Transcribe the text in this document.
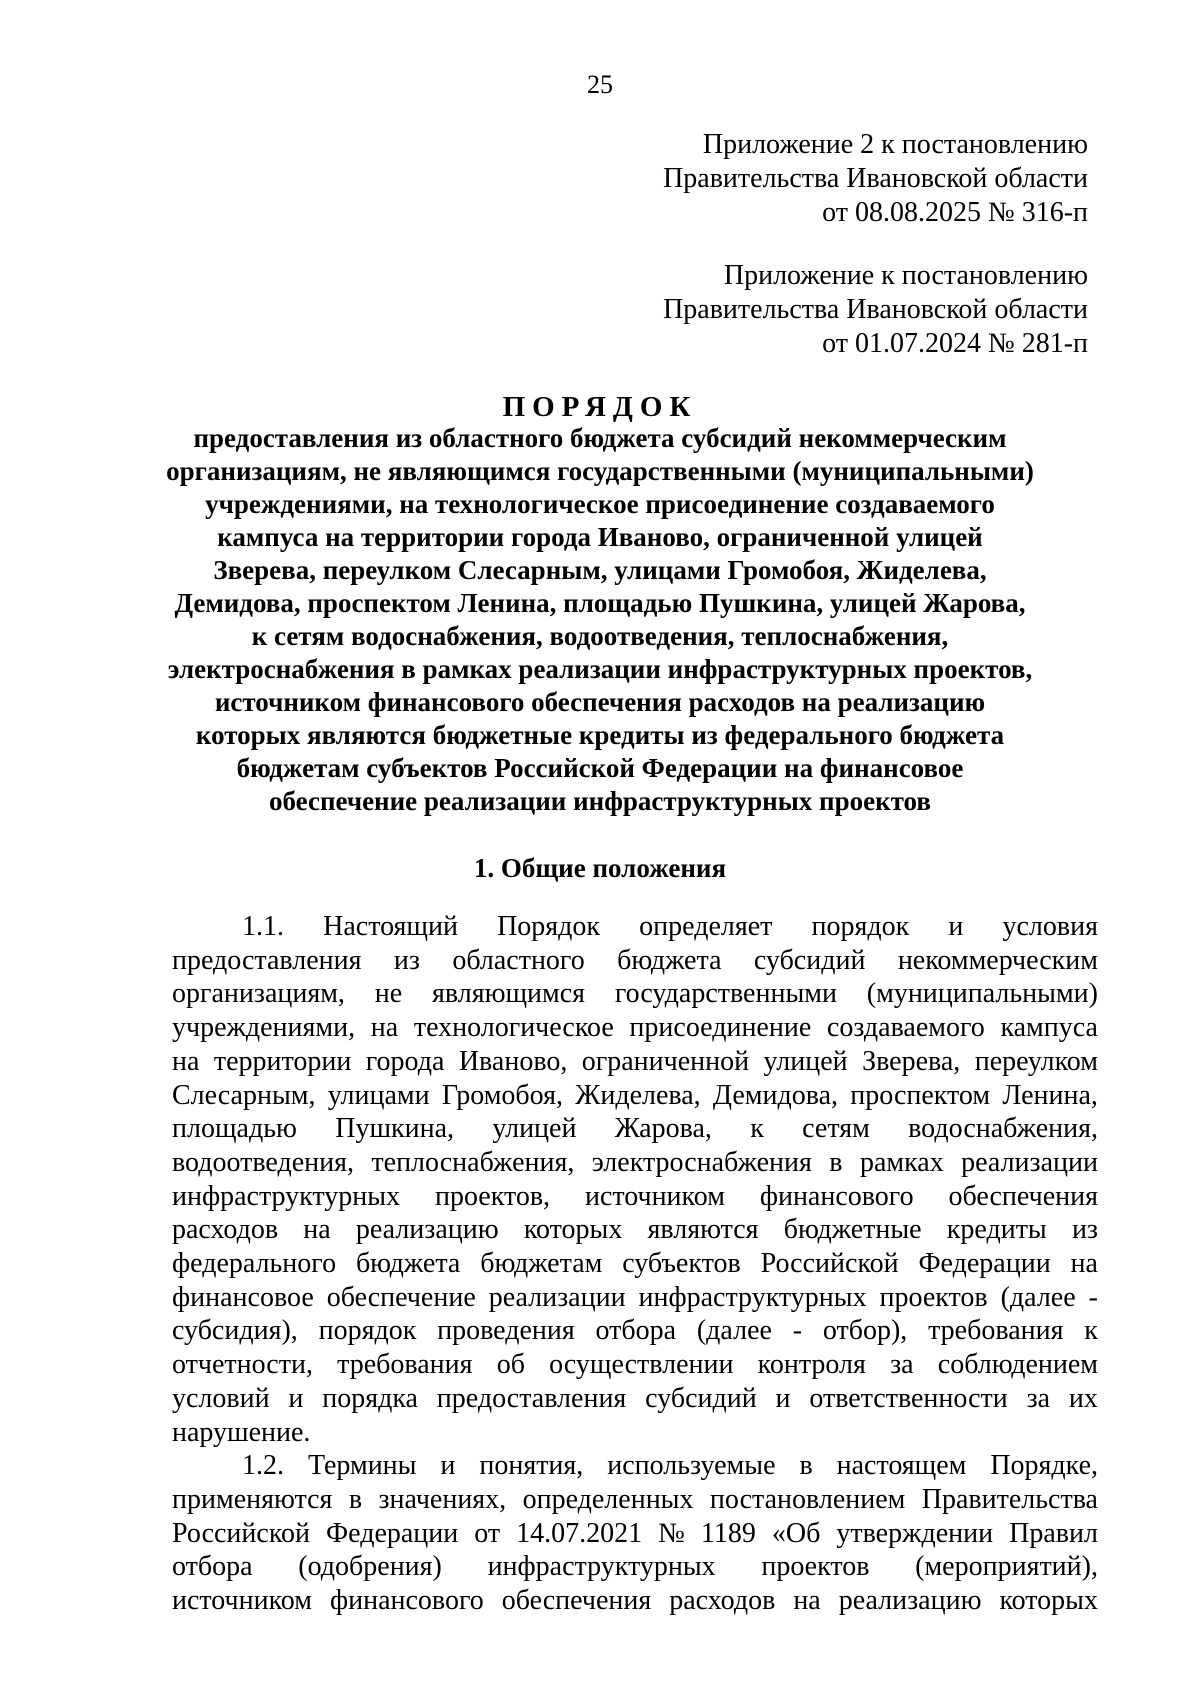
25
Приложение 2 к постановлению
Правительства Ивановской области
от 08.08.2025 № 316-п
Приложение к постановлению
Правительства Ивановской области
от 01.07.2024 № 281-п
ПОРЯДОК
предоставления из областного бюджета субсидий некоммерческим
организациям, не являющимся государственными (муниципальными)
учреждениями, на технологическое присоединение создаваемого
кампуса на территории города Иваново, ограниченной улицей
Зверева, переулком Слесарным, улицами Громобоя, Жиделева,
Демидова, проспектом Ленина, площадью Пушкина, улицей Жарова,
к сетям водоснабжения, водоотведения, теплоснабжения,
электроснабжения в рамках реализации инфраструктурных проектов,
источником финансового обеспечения расходов на реализацию
которых являются бюджетные кредиты из федерального бюджета
бюджетам субъектов Российской Федерации на финансовое
обеспечение реализации инфраструктурных проектов
1. Общие положения
1.1. Настоящий Порядок определяет порядок и условия
предоставления из областного бюджета субсидий некоммерческим
организациям, не являющимся государственными (муниципальными)
учреждениями, на технологическое присоединение создаваемого кампуса
на территории города Иваново, ограниченной улицей Зверева, переулком
Слесарным, улицами Громобоя, Жиделева, Демидова, проспектом Ленина,
площадью Пушкина, улицей Жарова, к сетям водоснабжения,
водоотведения, теплоснабжения, электроснабжения в рамках реализации
инфраструктурных проектов, источником финансового обеспечения
расходов на реализацию которых являются бюджетные кредиты из
федерального бюджета бюджетам субъектов Российской Федерации на
финансовое обеспечение реализации инфраструктурных проектов (далее -
субсидия), порядок проведения отбора (далее - отбор), требования к
отчетности, требования об осуществлении контроля за соблюдением
условий и порядка предоставления субсидий и ответственности за их
нарушение.
1.2. Термины и понятия, используемые в настоящем Порядке,
применяются в значениях, определенных постановлением Правительства
Российской Федерации от 14.07.2021 № 1189 «Об утверждении Правил
отбора (одобрения) инфраструктурных проектов (мероприятий),
источником финансового обеспечения расходов на реализацию которых
